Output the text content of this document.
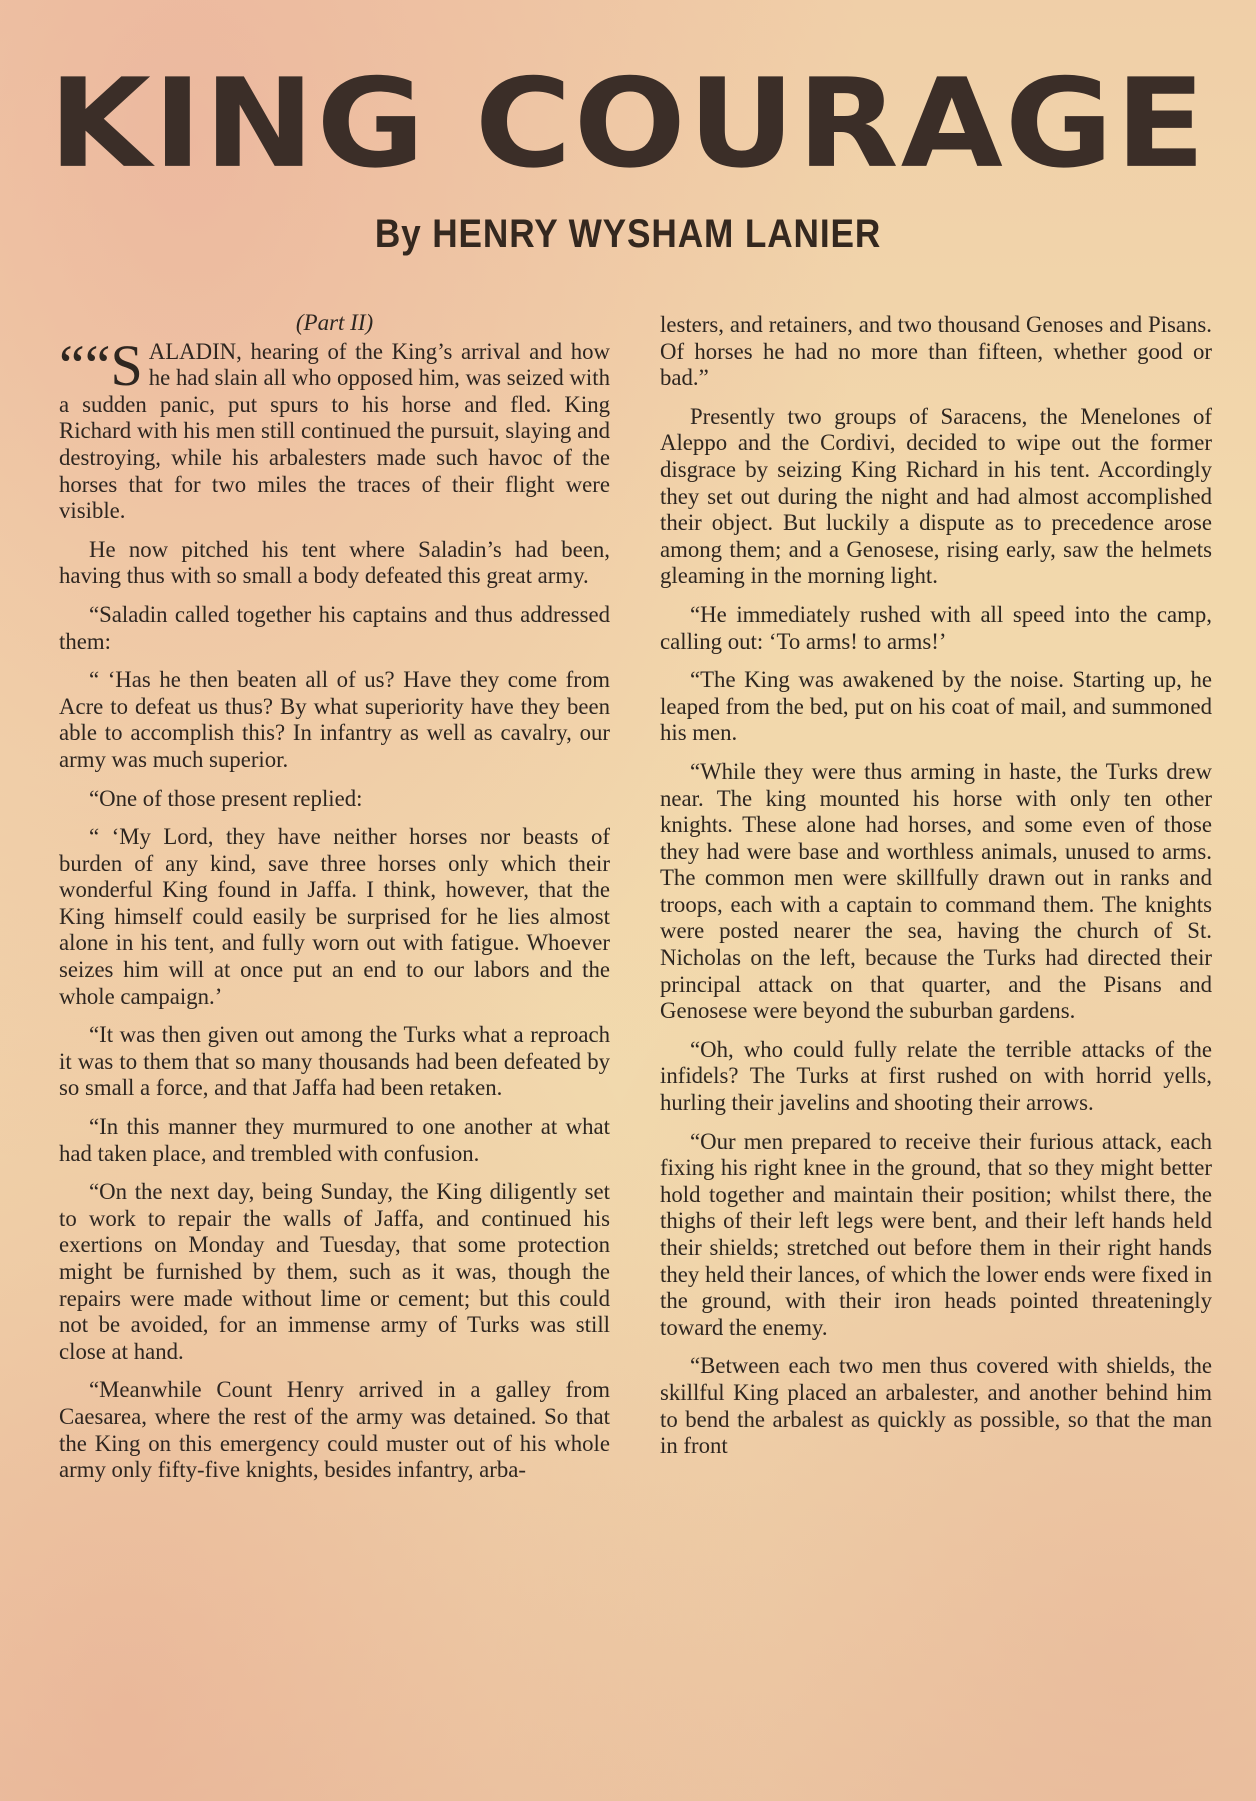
KING COURAGE
By HENRY WYSHAM LANIER

(Part II)

““S ALADIN, hearing of the King’s arrival and how he had slain all who opposed him, was seized with a sudden panic, put spurs to his horse and fled. King Richard with his men still continued the pursuit, slaying and destroying, while his arbalesters made such havoc of the horses that for two miles the traces of their flight were visible.

He now pitched his tent where Saladin’s had been, having thus with so small a body defeated this great army.

“Saladin called together his captains and thus addressed them:

“ ‘Has he then beaten all of us? Have they come from Acre to defeat us thus? By what superiority have they been able to accomplish this? In infantry as well as cavalry, our army was much superior.

“One of those present replied:

“ ‘My Lord, they have neither horses nor beasts of burden of any kind, save three horses only which their wonderful King found in Jaffa. I think, however, that the King himself could easily be surprised for he lies almost alone in his tent, and fully worn out with fatigue. Whoever seizes him will at once put an end to our labors and the whole campaign.’

“It was then given out among the Turks what a reproach it was to them that so many thousands had been defeated by so small a force, and that Jaffa had been retaken.

“In this manner they murmured to one another at what had taken place, and trembled with confusion.

“On the next day, being Sunday, the King diligently set to work to repair the walls of Jaffa, and continued his exertions on Monday and Tuesday, that some protection might be furnished by them, such as it was, though the repairs were made without lime or cement; but this could not be avoided, for an immense army of Turks was still close at hand.

“Meanwhile Count Henry arrived in a galley from Caesarea, where the rest of the army was detained. So that the King on this emergency could muster out of his whole army only fifty-five knights, besides infantry, arba-

lesters, and retainers, and two thousand Genoses and Pisans. Of horses he had no more than fifteen, whether good or bad.”

Presently two groups of Saracens, the Menelones of Aleppo and the Cordivi, decided to wipe out the former disgrace by seizing King Richard in his tent. Accordingly they set out during the night and had almost accomplished their object. But luckily a dispute as to precedence arose among them; and a Genosese, rising early, saw the helmets gleaming in the morning light.

“He immediately rushed with all speed into the camp, calling out: ‘To arms! to arms!’

“The King was awakened by the noise. Starting up, he leaped from the bed, put on his coat of mail, and summoned his men.

“While they were thus arming in haste, the Turks drew near. The king mounted his horse with only ten other knights. These alone had horses, and some even of those they had were base and worthless animals, unused to arms. The common men were skillfully drawn out in ranks and troops, each with a captain to command them. The knights were posted nearer the sea, having the church of St. Nicholas on the left, because the Turks had directed their principal attack on that quarter, and the Pisans and Genosese were beyond the suburban gardens.

“Oh, who could fully relate the terrible attacks of the infidels? The Turks at first rushed on with horrid yells, hurling their javelins and shooting their arrows.

“Our men prepared to receive their furious attack, each fixing his right knee in the ground, that so they might better hold together and maintain their position; whilst there, the thighs of their left legs were bent, and their left hands held their shields; stretched out before them in their right hands they held their lances, of which the lower ends were fixed in the ground, with their iron heads pointed threateningly toward the enemy.

“Between each two men thus covered with shields, the skillful King placed an arbalester, and another behind him to bend the arbalest as quickly as possible, so that the man in front
